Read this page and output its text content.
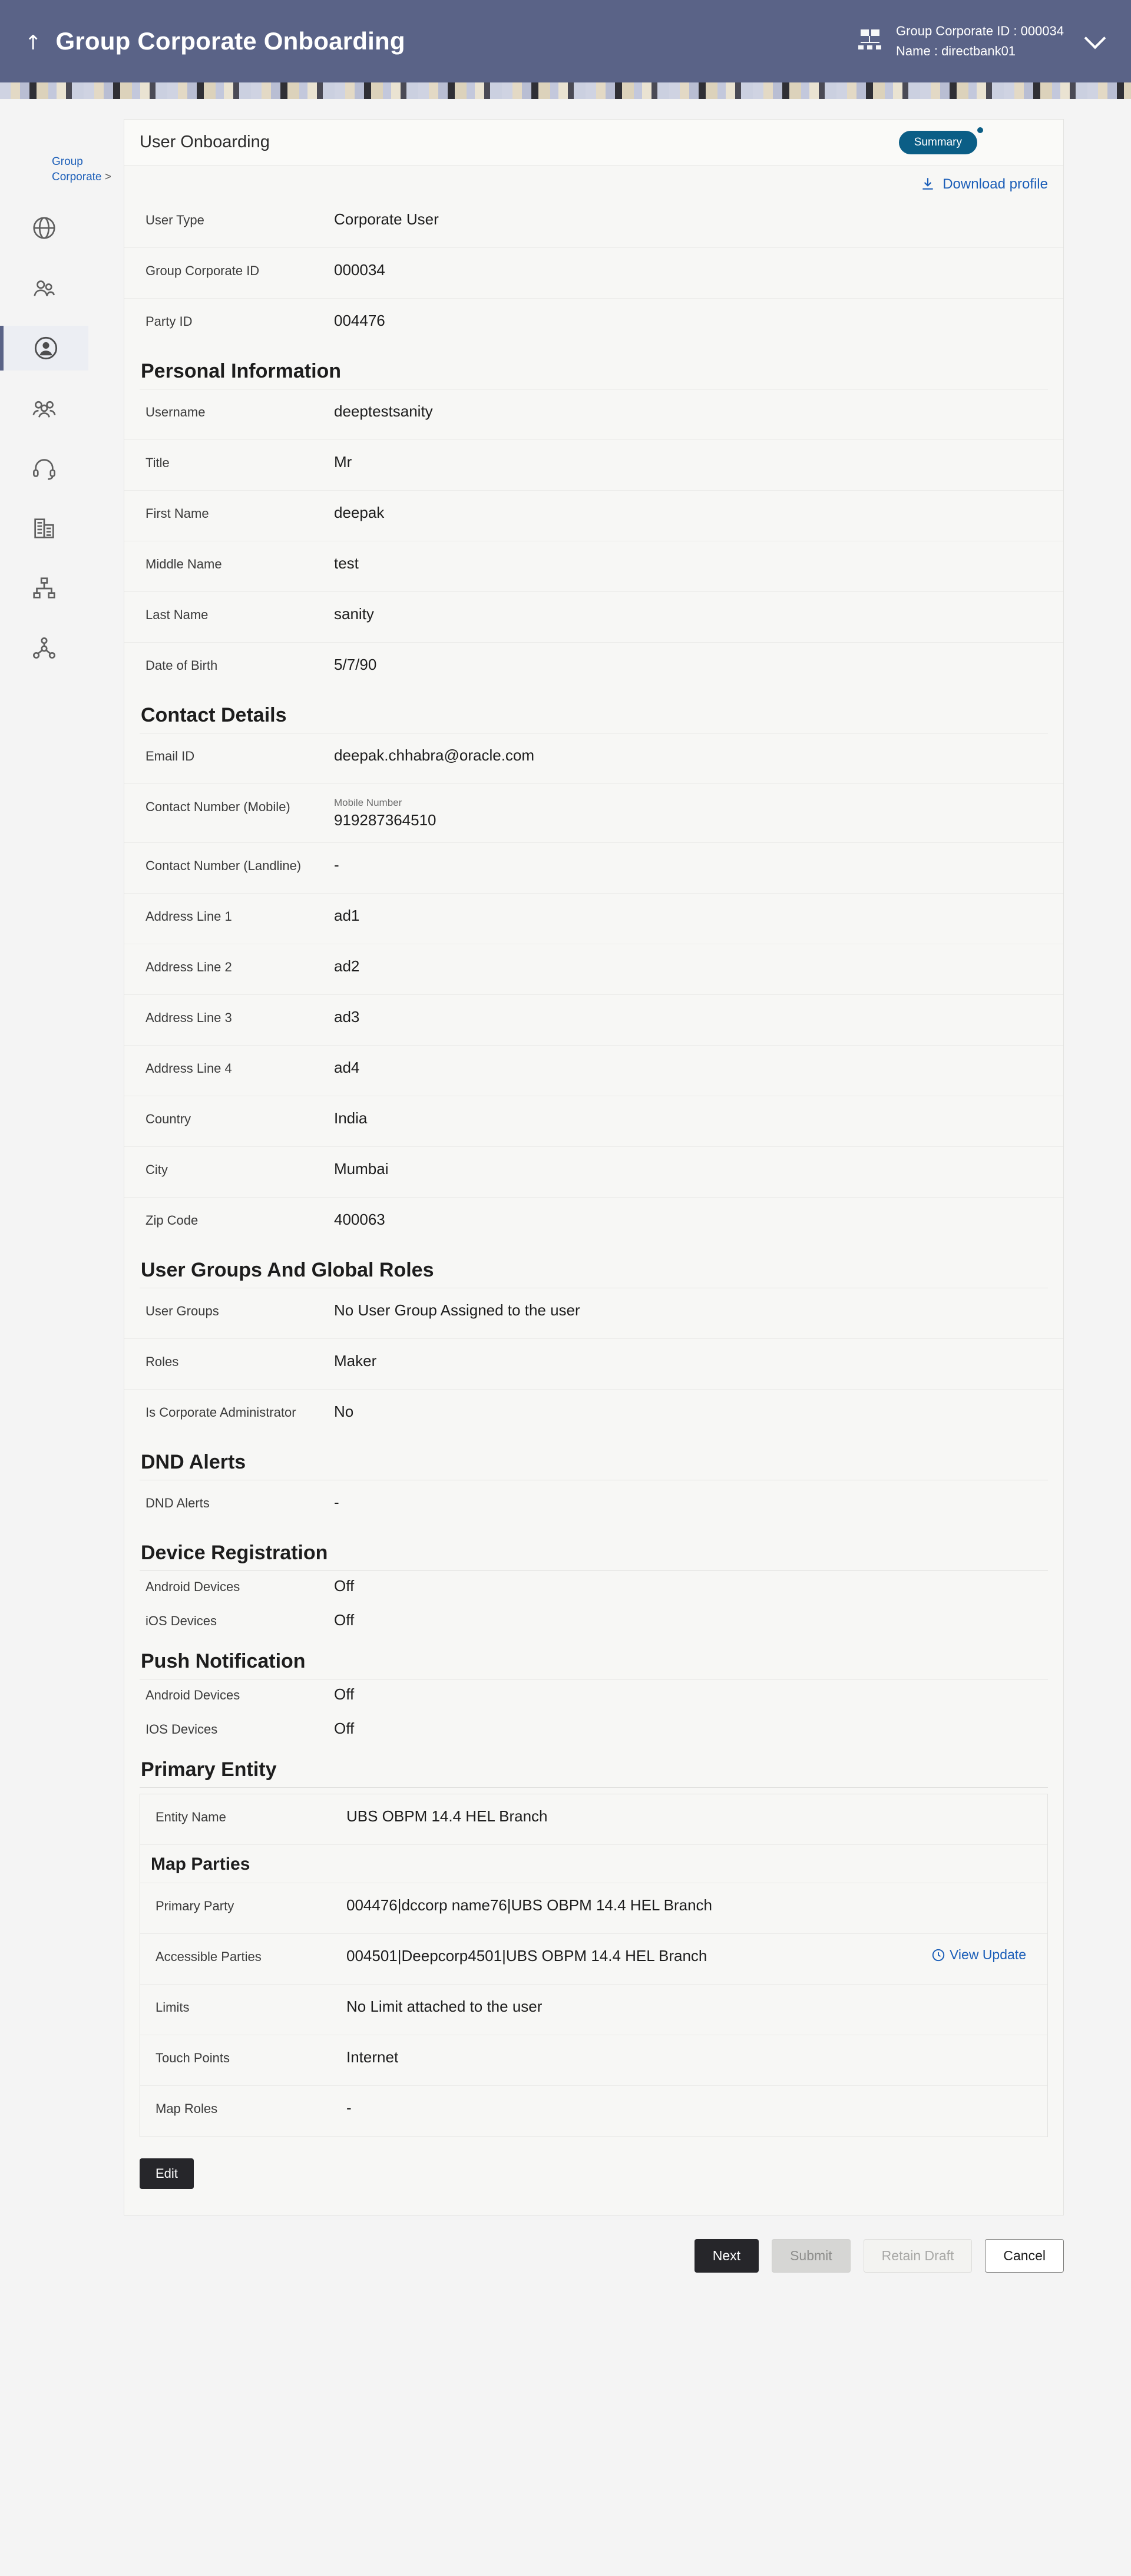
↗ Group Corporate Onboarding	Group Corporate ID : 000034
Name : directbank01
Group Corporate >
User Onboarding	Summary
Download profile
User Type	Corporate User
Group Corporate ID	000034
Party ID	004476
Personal Information
Username	deeptestsanity
Title	Mr
First Name	deepak
Middle Name	test
Last Name	sanity
Date of Birth	5/7/90
Contact Details
Email ID	deepak.chhabra@oracle.com
Contact Number (Mobile)	Mobile Number
919287364510
Contact Number (Landline)	-
Address Line 1	ad1
Address Line 2	ad2
Address Line 3	ad3
Address Line 4	ad4
Country	India
City	Mumbai
Zip Code	400063
User Groups And Global Roles
User Groups	No User Group Assigned to the user
Roles	Maker
Is Corporate Administrator	No
DND Alerts
DND Alerts	-
Device Registration
Android Devices	Off
iOS Devices	Off
Push Notification
Android Devices	Off
IOS Devices	Off
Primary Entity
Entity Name	UBS OBPM 14.4 HEL Branch
Map Parties
Primary Party	004476|dccorp name76|UBS OBPM 14.4 HEL Branch
Accessible Parties	004501|Deepcorp4501|UBS OBPM 14.4 HEL Branch	View Update
Limits	No Limit attached to the user
Touch Points	Internet
Map Roles	-
Edit
Next	Submit	Retain Draft	Cancel
